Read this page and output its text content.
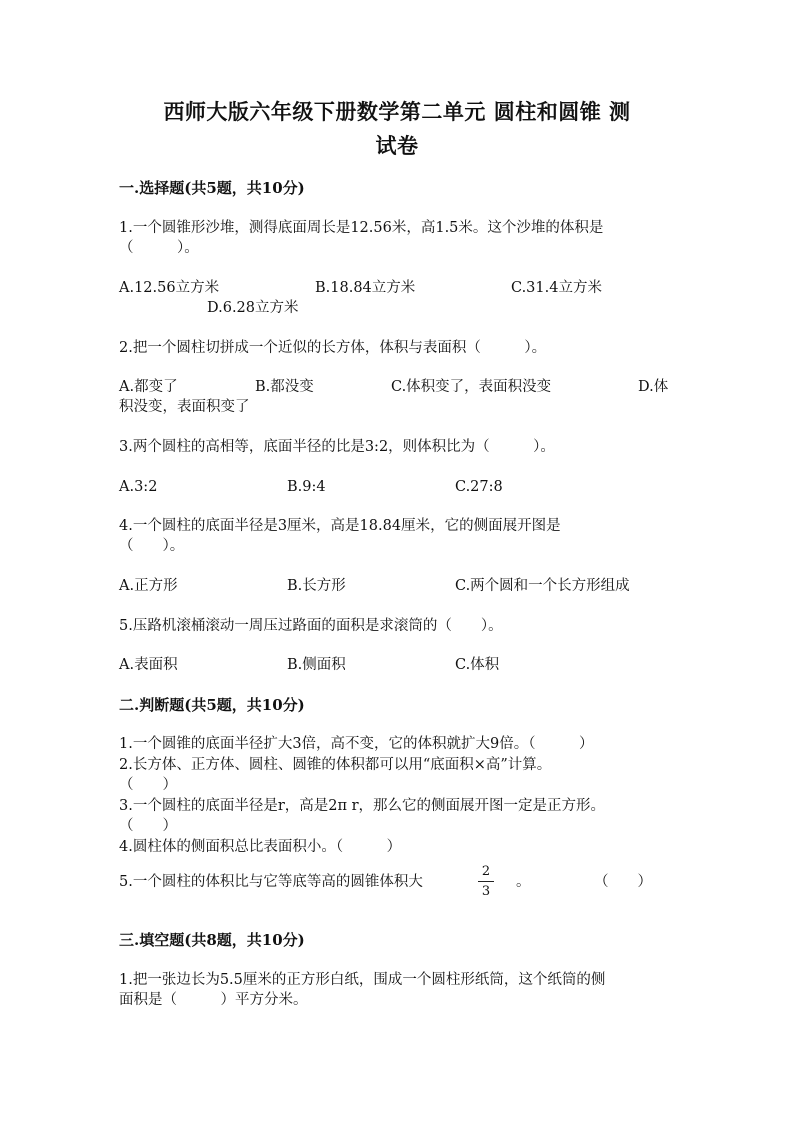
西师大版六年级下册数学第二单元 圆柱和圆锥 测
试卷
一.选择题(共5题，共10分)
1.一个圆锥形沙堆，测得底面周长是12.56米，高1.5米。这个沙堆的体积是
（　　　）。
A.12.56立方米	B.18.84立方米	C.31.4立方米
D.6.28立方米
2.把一个圆柱切拼成一个近似的长方体，体积与表面积（　　　）。
A.都变了	B.都没变	C.体积变了，表面积没变	D.体
积没变，表面积变了
3.两个圆柱的高相等，底面半径的比是3:2，则体积比为（　　　）。
A.3:2	B.9:4	C.27:8
4.一个圆柱的底面半径是3厘米，高是18.84厘米，它的侧面展开图是
（　　）。
A.正方形	B.长方形	C.两个圆和一个长方形组成
5.压路机滚桶滚动一周压过路面的面积是求滚筒的（　　）。
A.表面积	B.侧面积	C.体积
二.判断题(共5题，共10分)
1.一个圆锥的底面半径扩大3倍，高不变，它的体积就扩大9倍。（　　　）
2.长方体、正方体、圆柱、圆锥的体积都可以用“底面积×高”计算。
（　　）
3.一个圆柱的底面半径是r，高是2π r，那么它的侧面展开图一定是正方形。
（　　）
4.圆柱体的侧面积总比表面积小。（　　　）
5.一个圆柱的体积比与它等底等高的圆锥体积大
2
3
。	（　　）
三.填空题(共8题，共10分)
1.把一张边长为5.5厘米的正方形白纸，围成一个圆柱形纸筒，这个纸筒的侧
面积是（　　　）平方分米。
